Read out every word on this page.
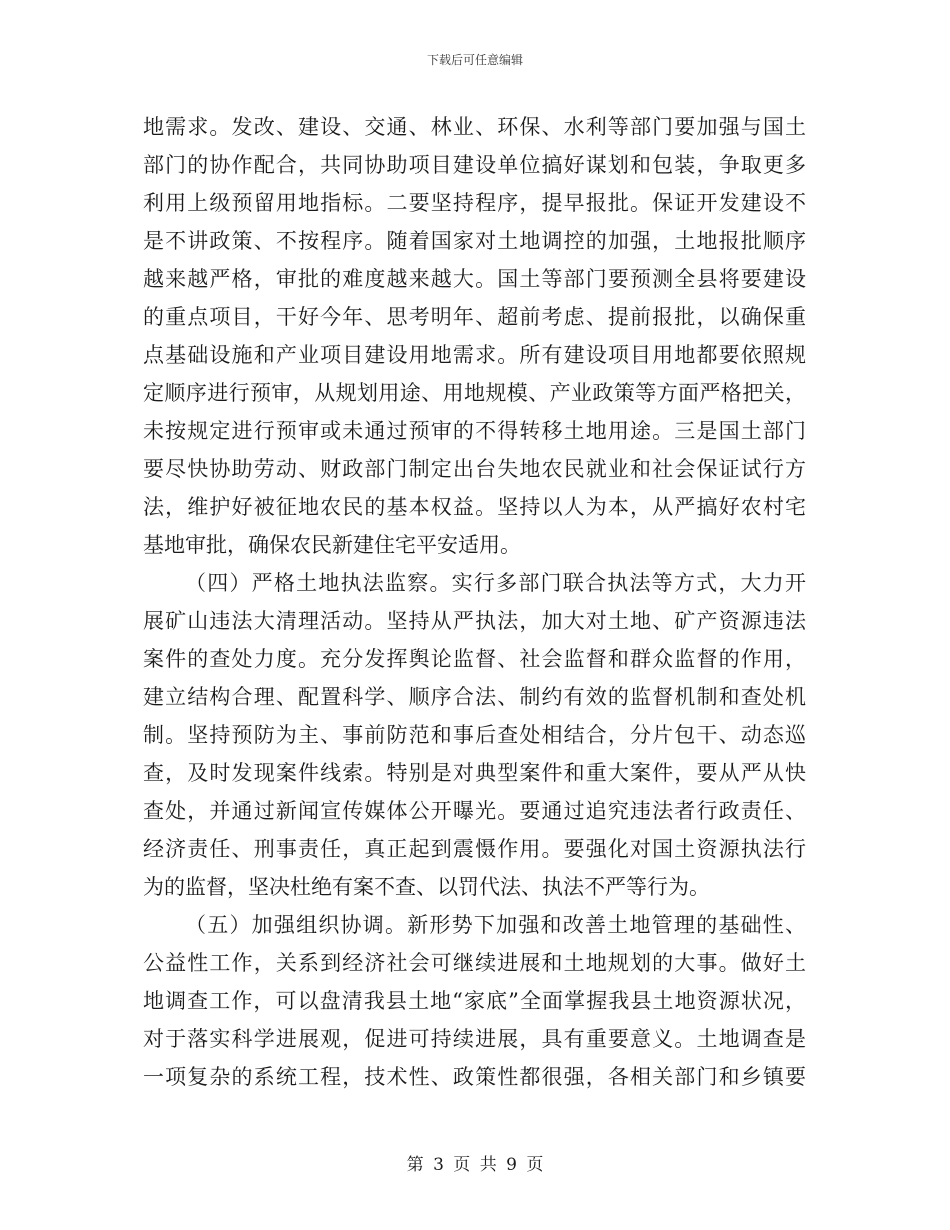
下载后可任意编辑
地需求。发改、建设、交通、林业、环保、水利等部门要加强与国土
部门的协作配合，共同协助项目建设单位搞好谋划和包装，争取更多
利用上级预留用地指标。二要坚持程序，提早报批。保证开发建设不
是不讲政策、不按程序。随着国家对土地调控的加强，土地报批顺序
越来越严格，审批的难度越来越大。国土等部门要预测全县将要建设
的重点项目，干好今年、思考明年、超前考虑、提前报批，以确保重
点基础设施和产业项目建设用地需求。所有建设项目用地都要依照规
定顺序进行预审，从规划用途、用地规模、产业政策等方面严格把关，
未按规定进行预审或未通过预审的不得转移土地用途。三是国土部门
要尽快协助劳动、财政部门制定出台失地农民就业和社会保证试行方
法，维护好被征地农民的基本权益。坚持以人为本，从严搞好农村宅
基地审批，确保农民新建住宅平安适用。
（四）严格土地执法监察。实行多部门联合执法等方式，大力开
展矿山违法大清理活动。坚持从严执法，加大对土地、矿产资源违法
案件的查处力度。充分发挥舆论监督、社会监督和群众监督的作用，
建立结构合理、配置科学、顺序合法、制约有效的监督机制和查处机
制。坚持预防为主、事前防范和事后查处相结合，分片包干、动态巡
查，及时发现案件线索。特别是对典型案件和重大案件，要从严从快
查处，并通过新闻宣传媒体公开曝光。要通过追究违法者行政责任、
经济责任、刑事责任，真正起到震慑作用。要强化对国土资源执法行
为的监督，坚决杜绝有案不查、以罚代法、执法不严等行为。
（五）加强组织协调。新形势下加强和改善土地管理的基础性、
公益性工作，关系到经济社会可继续进展和土地规划的大事。做好土
地调查工作，可以盘清我县土地“家底”全面掌握我县土地资源状况，
对于落实科学进展观，促进可持续进展，具有重要意义。土地调查是
一项复杂的系统工程，技术性、政策性都很强，各相关部门和乡镇要
第 3 页 共 9 页
